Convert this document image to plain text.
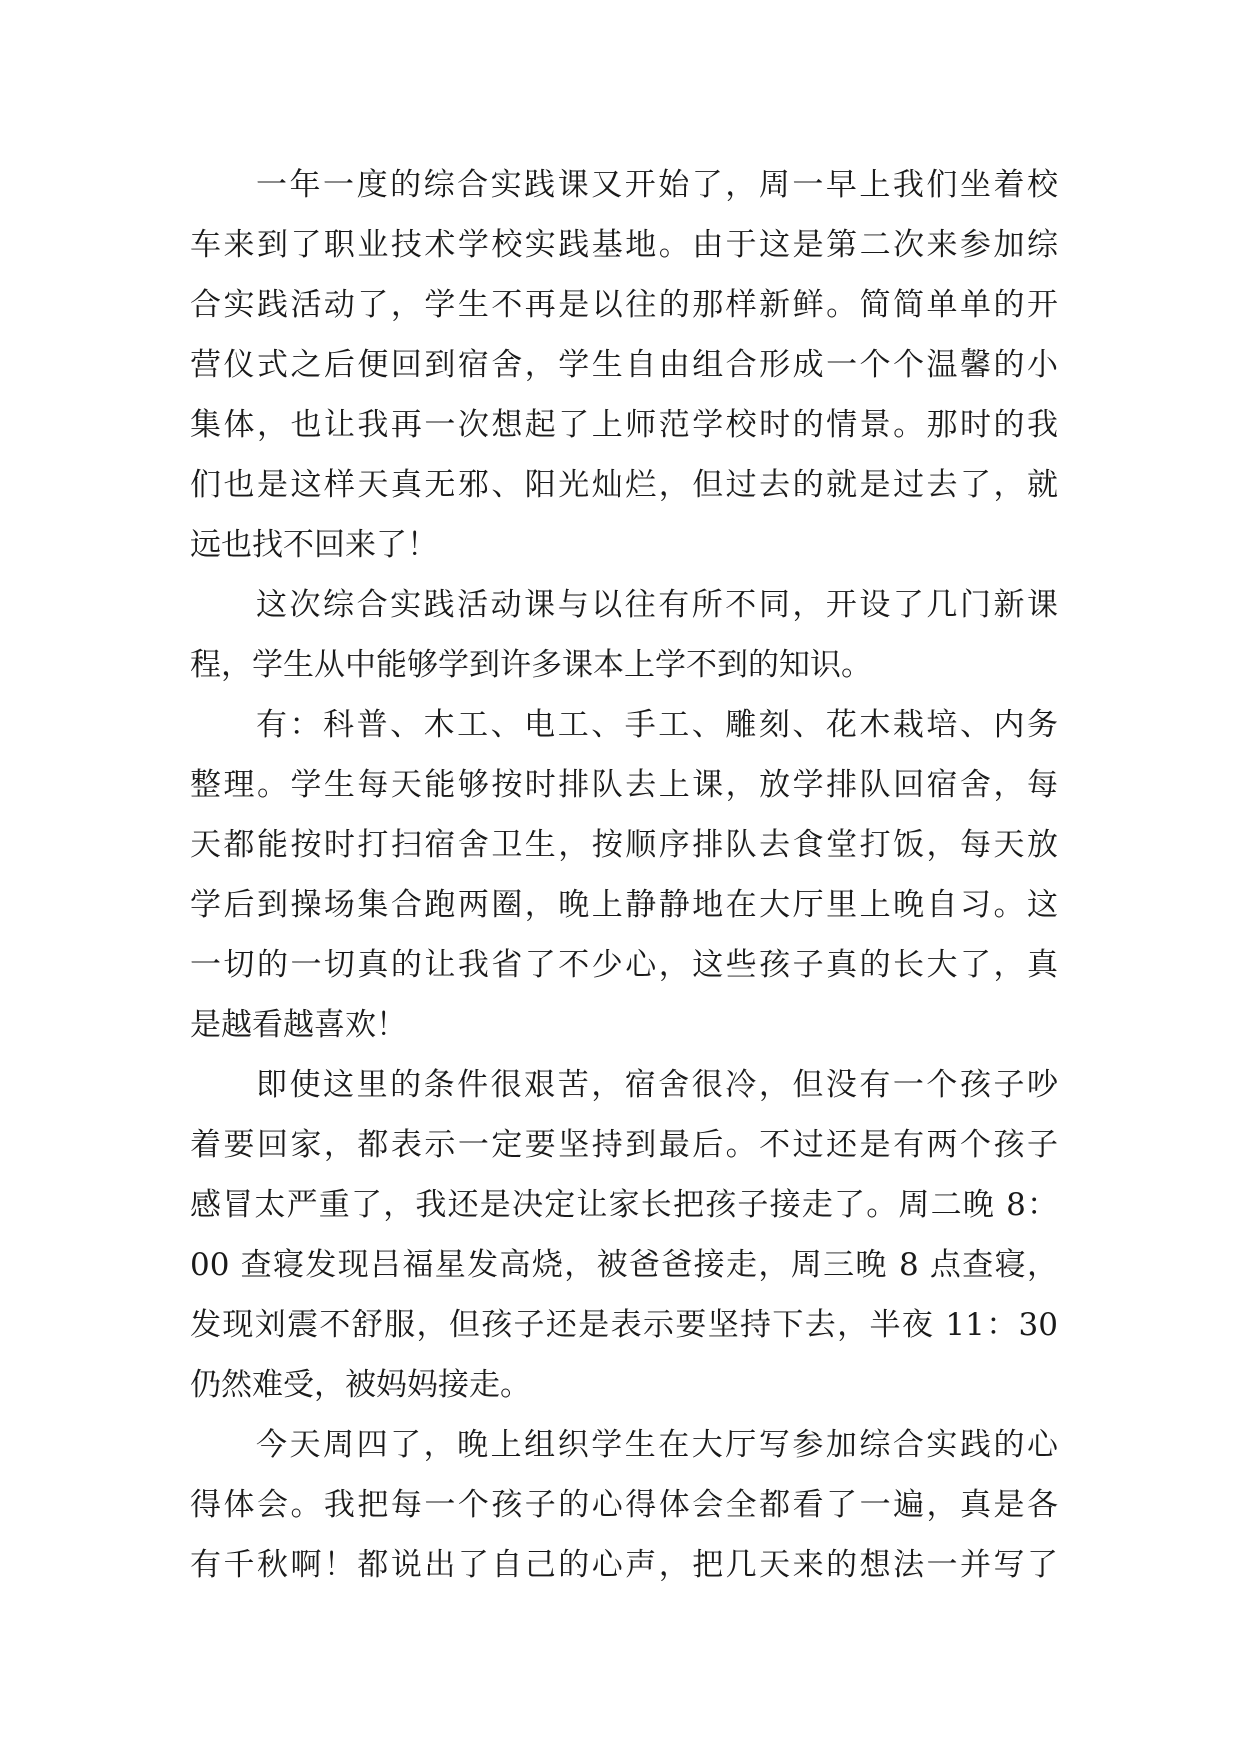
一年一度的综合实践课又开始了，周一早上我们坐着校
车来到了职业技术学校实践基地。由于这是第二次来参加综
合实践活动了，学生不再是以往的那样新鲜。简简单单的开
营仪式之后便回到宿舍，学生自由组合形成一个个温馨的小
集体，也让我再一次想起了上师范学校时的情景。那时的我
们也是这样天真无邪、阳光灿烂，但过去的就是过去了，就
远也找不回来了！
这次综合实践活动课与以往有所不同，开设了几门新课
程，学生从中能够学到许多课本上学不到的知识。
有：科普、木工、电工、手工、雕刻、花木栽培、内务
整理。学生每天能够按时排队去上课，放学排队回宿舍，每
天都能按时打扫宿舍卫生，按顺序排队去食堂打饭，每天放
学后到操场集合跑两圈，晚上静静地在大厅里上晚自习。这
一切的一切真的让我省了不少心，这些孩子真的长大了，真
是越看越喜欢！
即使这里的条件很艰苦，宿舍很冷，但没有一个孩子吵
着要回家，都表示一定要坚持到最后。不过还是有两个孩子
感冒太严重了，我还是决定让家长把孩子接走了。周二晚 8：
00 查寝发现吕福星发高烧，被爸爸接走，周三晚 8 点查寝，
发现刘震不舒服，但孩子还是表示要坚持下去，半夜 11：30
仍然难受，被妈妈接走。
今天周四了，晚上组织学生在大厅写参加综合实践的心
得体会。我把每一个孩子的心得体会全都看了一遍，真是各
有千秋啊！都说出了自己的心声，把几天来的想法一并写了
